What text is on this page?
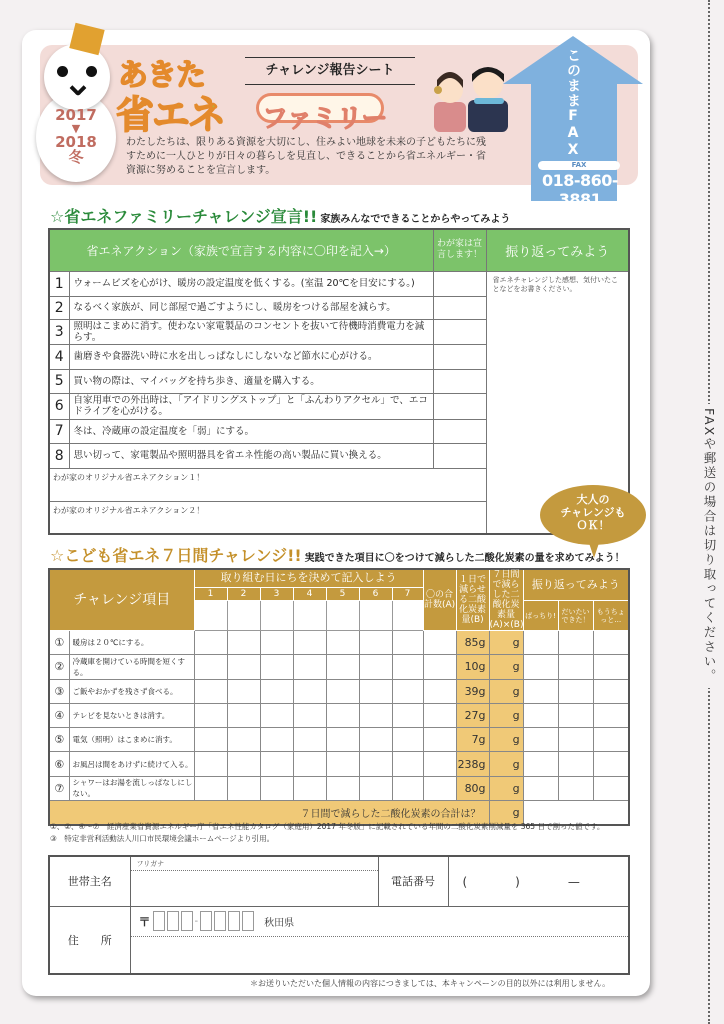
FAXや郵送の場合は切り取ってください。
2017
▼
2018
冬
あきた
省エネ ファミリー
チャレンジ報告シート
わたしたちは、限りある資源を大切にし、住みよい地球を未来の子どもたちに残すために一人ひとりが日々の暮らしを見直し、できることから省エネルギー・省資源に努めることを宣言します。
このままFAX
FAX
018-860-3881
☆省エネファミリーチャレンジ宣言!! 家族みんなでできることからやってみよう
省エネアクション（家族で宣言する内容に〇印を記入→）		わが家は宣言します！	振り返ってみよう
1	ウォームビズを心がけ、暖房の設定温度を低くする。(室温 20℃を目安にする。)		省エネチャレンジした感想、気付いたことなどをお書きください。
2	なるべく家族が、同じ部屋で過ごすようにし、暖房をつける部屋を減らす。		
3	照明はこまめに消す。使わない家電製品のコンセントを抜いて待機時消費電力を減らす。		
4	歯磨きや食器洗い時に水を出しっぱなしにしないなど節水に心がける。		
5	買い物の際は、マイバッグを持ち歩き、適量を購入する。		
6	自家用車での外出時は、「アイドリングストップ」と「ふんわりアクセル」で、エコドライブを心がける。		
7	冬は、冷蔵庫の設定温度を「弱」にする。		
8	思い切って、家電製品や照明器具を省エネ性能の高い製品に買い換える。		
わが家のオリジナル省エネアクション１！			
わが家のオリジナル省エネアクション２！			
☆こども省エネ７日間チャレンジ!! 実践できた項目に〇をつけて減らした二酸化炭素の量を求めてみよう！
大人の
チャレンジも
ＯＫ！
チャレンジ項目		取り組む日にちを決めて記入しよう							〇の合計数(A)	１日で減らせる二酸化炭素量(B)	７日間で減らした二酸化炭素量(A)×(B)	振り返ってみよう		
		1	2	3	4	5	6	7						
												ばっちり!	だいたいできた！	もうちょっと…
①	暖房は２０℃にする。									85g	g			
②	冷蔵庫を開けている時間を短くする。									10g	g			
③	ご飯やおかずを残さず食べる。									39g	g			
④	テレビを見ないときは消す。									27g	g			
⑤	電気（照明）はこまめに消す。									7g	g			
⑥	お風呂は間をあけずに続けて入る。									238g	g			
⑦	シャワーはお湯を流しっぱなしにしない。									80g	g			
７日間で減らした二酸化炭素の合計は？											g			
①、②、④～⑦　経済産業省資源エネルギー庁「省エネ性能カタログ（家庭用）2017 年冬版」に記載されている年間の二酸化炭素削減量を 365 日で割った値です。
③　特定非営利活動法人川口市民環境会議ホームページより引用。
世帯主名	フリガナ	電話番号	(　　　　)　　　　—
住　　所	〒 - 秋田県		
＊お送りいただいた個人情報の内容につきましては、本キャンペーンの目的以外には利用しません。
